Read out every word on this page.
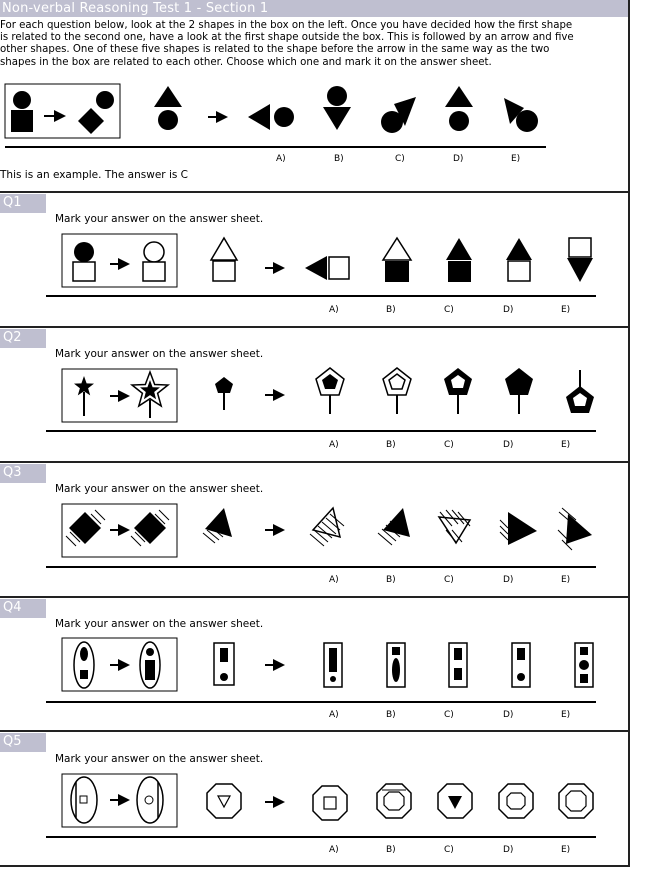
Non-verbal Reasoning Test 1 - Section 1

For each question below, look at the 2 shapes in the box on the left. Once you have decided how the first shape

is related to the second one, have a look at the first shape outside the box. This is followed by an arrow and five

other shapes. One of these five shapes is related to the shape before the arrow in the same way as the two

shapes in the box are related to each other. Choose which one and mark it on the answer sheet.

A)	B)	C)	D)	E)
This is an example. The answer is C
Q1
Mark your answer on the answer sheet.
A)	B)	C)	D)	E)
Q2
Mark your answer on the answer sheet.
A)	B)	C)	D)	E)
Q3
Mark your answer on the answer sheet.
A)	B)	C)	D)	E)
Q4
Mark your answer on the answer sheet.
A)	B)	C)	D)	E)
Q5
Mark your answer on the answer sheet.
A)	B)	C)	D)	E)
